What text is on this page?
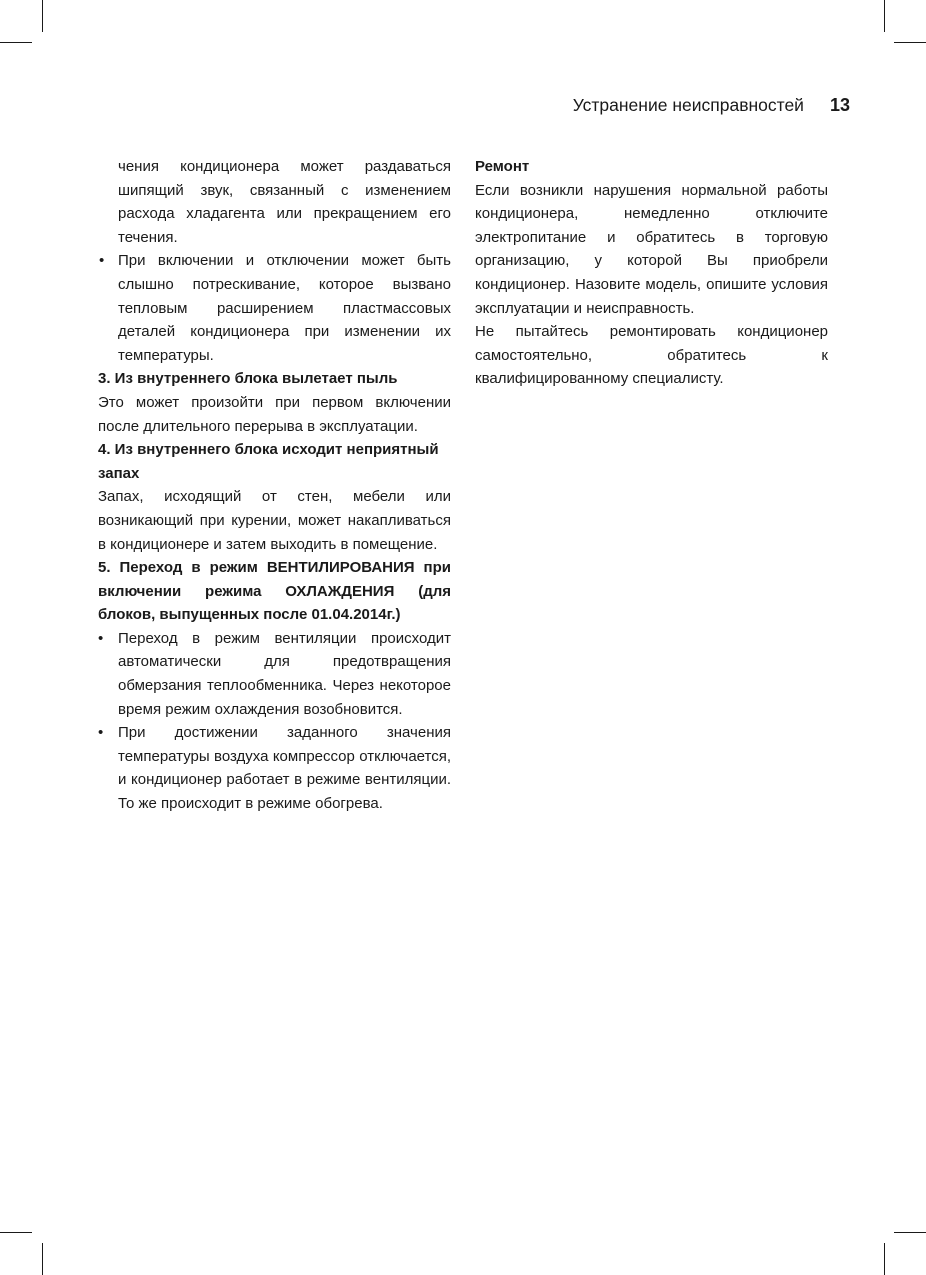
Устранение неисправностей 13

чения кондиционера может раздаваться шипящий звук, связанный с изменением расхода хладагента или прекращением его течения.

• При включении и отключении может быть слышно потрескивание, которое вызвано тепловым расширением пластмассовых деталей кондиционера при изменении их температуры.

3. Из внутреннего блока вылетает пыль

Это может произойти при первом включении после длительного перерыва в эксплуатации.

4. Из внутреннего блока исходит неприятный запах

Запах, исходящий от стен, мебели или возникающий при курении, может накапливаться в кондиционере и затем выходить в помещение.

5. Переход в режим ВЕНТИЛИРОВАНИЯ при включении режима ОХЛАЖДЕНИЯ (для блоков, выпущенных после 01.04.2014г.)

• Переход в режим вентиляции происходит автоматически для предотвращения обмерзания теплообменника. Через некоторое время режим охлаждения возобновится.
• При достижении заданного значения температуры воздуха компрессор отключается, и кондиционер работает в режиме вентиляции. То же происходит в режиме обогрева.

Ремонт

Если возникли нарушения нормальной работы кондиционера, немедленно отключите электропитание и обратитесь в торговую организацию, у которой Вы приобрели кондиционер. Назовите модель, опишите условия эксплуатации и неисправность.

Не пытайтесь ремонтировать кондиционер самостоятельно, обратитесь к квалифицированному специалисту.
